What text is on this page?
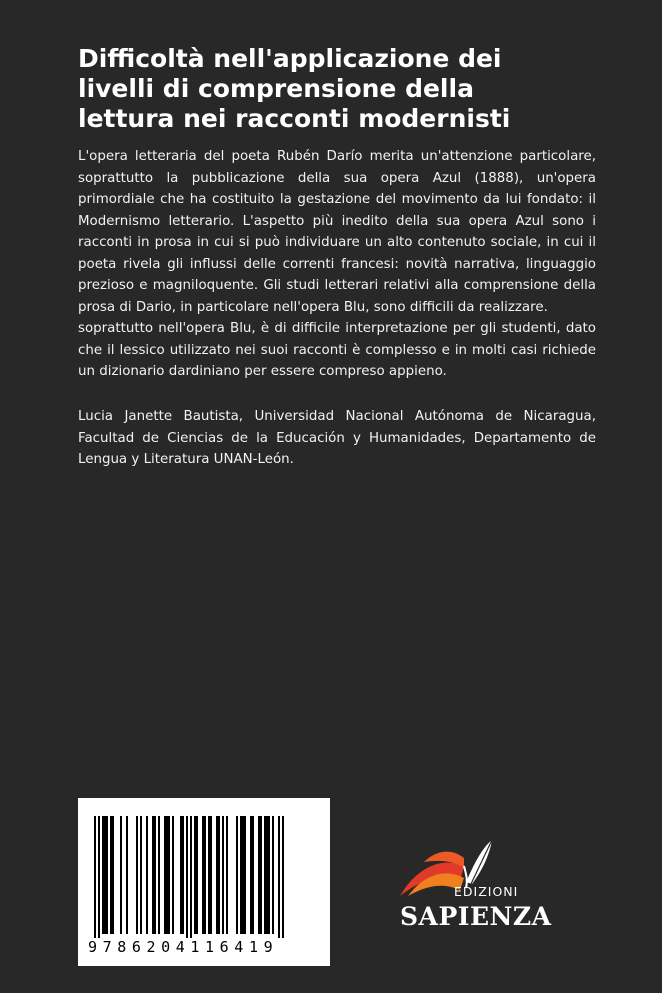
Difficoltà nell'applicazione dei
livelli di comprensione della
lettura nei racconti modernisti

L'opera letteraria del poeta Rubén Darío merita un'attenzione particolare, soprattutto la pubblicazione della sua opera Azul (1888), un'opera primordiale che ha costituito la gestazione del movimento da lui fondato: il Modernismo letterario. L'aspetto più inedito della sua opera Azul sono i racconti in prosa in cui si può individuare un alto contenuto sociale, in cui il poeta rivela gli influssi delle correnti francesi: novità narrativa, linguaggio prezioso e magniloquente. Gli studi letterari relativi alla comprensione della prosa di Dario, in particolare nell'opera Blu, sono difficili da realizzare.

soprattutto nell'opera Blu, è di difficile interpretazione per gli studenti, dato che il lessico utilizzato nei suoi racconti è complesso e in molti casi richiede un dizionario dardiniano per essere compreso appieno.

Lucia Janette Bautista, Universidad Nacional Autónoma de Nicaragua, Facultad de Ciencias de la Educación y Humanidades, Departamento de Lengua y Literatura UNAN-León.

9786204116419
EDIZIONI
SAPIENZA
